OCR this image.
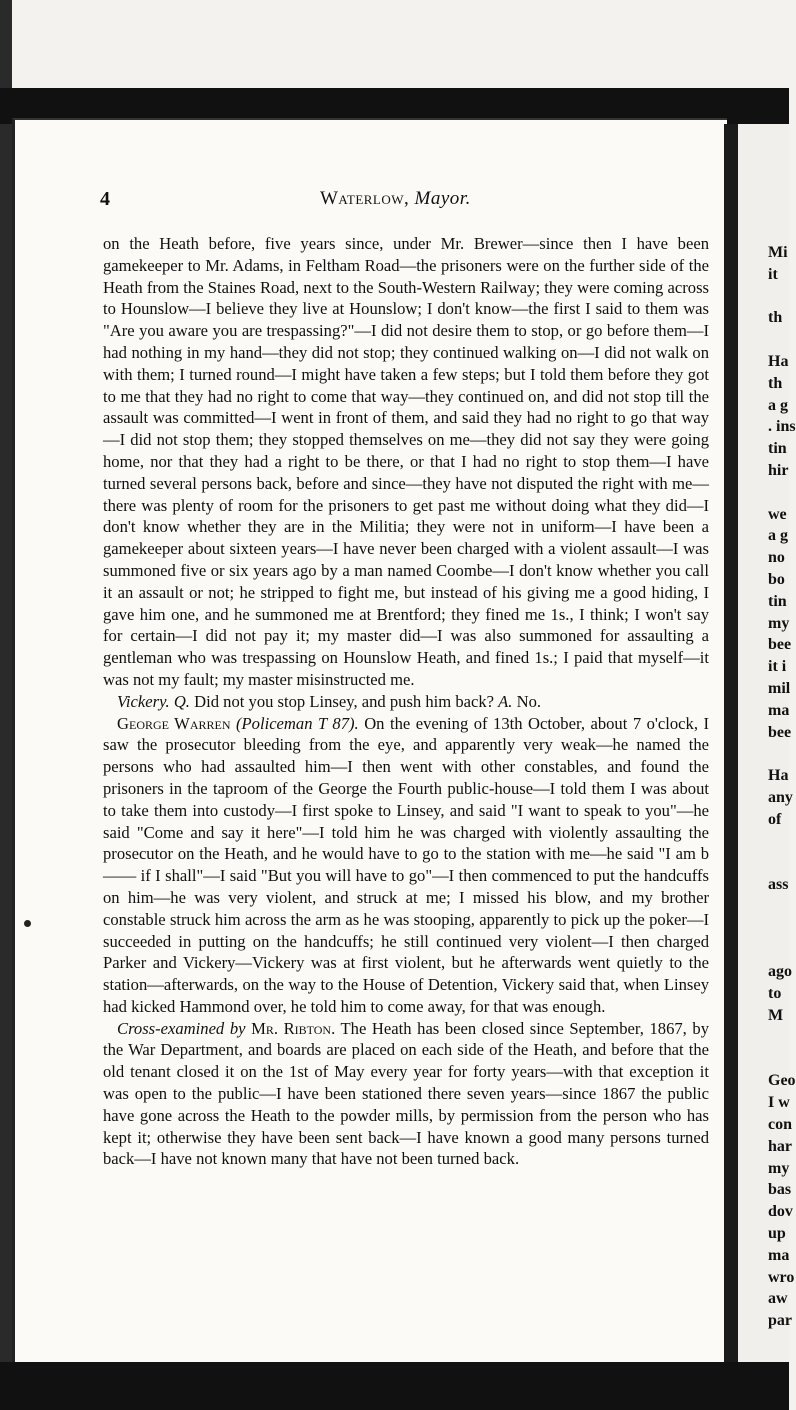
Mi
it
th
Ha
th
a g
. ins
tin
hir
we
a g
no
bo
tin
my
bee
it i
mil
ma
bee
Ha
any
of
ass
ago
to
M
Geo
I w
con
har
my
bas
dov
up
ma
wro
aw
par
4	Waterlow, Mayor.

on the Heath before, five years since, under Mr. Brewer—since then I have been gamekeeper to Mr. Adams, in Feltham Road—the prisoners were on the further side of the Heath from the Staines Road, next to the South-Western Railway; they were coming across to Hounslow—I believe they live at Hounslow; I don't know—the first I said to them was "Are you aware you are trespassing?"—I did not desire them to stop, or go before them—I had nothing in my hand—they did not stop; they continued walking on—I did not walk on with them; I turned round—I might have taken a few steps; but I told them before they got to me that they had no right to come that way—they continued on, and did not stop till the assault was committed—I went in front of them, and said they had no right to go that way—I did not stop them; they stopped themselves on me—they did not say they were going home, nor that they had a right to be there, or that I had no right to stop them—I have turned several persons back, before and since—they have not disputed the right with me—there was plenty of room for the prisoners to get past me without doing what they did—I don't know whether they are in the Militia; they were not in uniform—I have been a gamekeeper about sixteen years—I have never been charged with a violent assault—I was summoned five or six years ago by a man named Coombe—I don't know whether you call it an assault or not; he stripped to fight me, but instead of his giving me a good hiding, I gave him one, and he summoned me at Brentford; they fined me 1s., I think; I won't say for certain—I did not pay it; my master did—I was also summoned for assaulting a gentleman who was trespassing on Hounslow Heath, and fined 1s.; I paid that myself—it was not my fault; my master misinstructed me.

Vickery. Q. Did not you stop Linsey, and push him back? A. No.

George Warren (Policeman T 87). On the evening of 13th October, about 7 o'clock, I saw the prosecutor bleeding from the eye, and apparently very weak—he named the persons who had assaulted him—I then went with other constables, and found the prisoners in the taproom of the George the Fourth public-house—I told them I was about to take them into custody—I first spoke to Linsey, and said "I want to speak to you"—he said "Come and say it here"—I told him he was charged with violently assaulting the prosecutor on the Heath, and he would have to go to the station with me—he said "I am b—— if I shall"—I said "But you will have to go"—I then commenced to put the handcuffs on him—he was very violent, and struck at me; I missed his blow, and my brother constable struck him across the arm as he was stooping, apparently to pick up the poker—I succeeded in putting on the handcuffs; he still continued very violent—I then charged Parker and Vickery—Vickery was at first violent, but he afterwards went quietly to the station—afterwards, on the way to the House of Detention, Vickery said that, when Linsey had kicked Hammond over, he told him to come away, for that was enough.

Cross-examined by Mr. Ribton. The Heath has been closed since September, 1867, by the War Department, and boards are placed on each side of the Heath, and before that the old tenant closed it on the 1st of May every year for forty years—with that exception it was open to the public—I have been stationed there seven years—since 1867 the public have gone across the Heath to the powder mills, by permission from the person who has kept it; otherwise they have been sent back—I have known a good many persons turned back—I have not known many that have not been turned back.
